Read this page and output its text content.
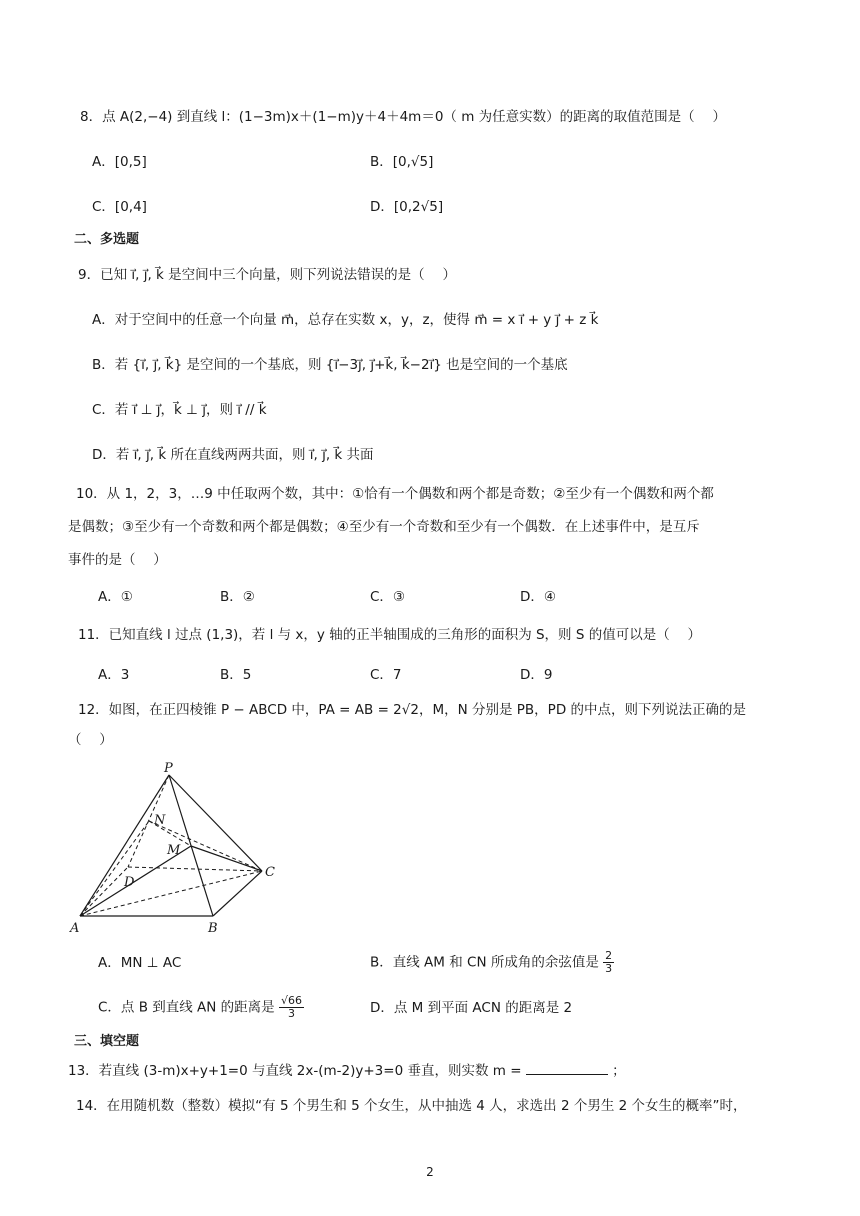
8．点 A(2,−4) 到直线 l：(1−3m)x＋(1−m)y＋4＋4m＝0（ m 为任意实数）的距离的取值范围是（　 ）
A．[0,5]	B．[0,√5]
C．[0,4]	D．[0,2√5]
二、多选题
9．已知 i⃗, j⃗, k⃗ 是空间中三个向量，则下列说法错误的是（　 ）
A．对于空间中的任意一个向量 m⃗，总存在实数 x，y，z，使得 m⃗ = x i⃗ + y j⃗ + z k⃗
B．若 {i⃗, j⃗, k⃗} 是空间的一个基底，则 {i⃗−3j⃗, j⃗+k⃗, k⃗−2i⃗} 也是空间的一个基底
C．若 i⃗ ⊥ j⃗，k⃗ ⊥ j⃗，则 i⃗ // k⃗
D．若 i⃗, j⃗, k⃗ 所在直线两两共面，则 i⃗, j⃗, k⃗ 共面
10．从 1，2，3，…9 中任取两个数，其中：①恰有一个偶数和两个都是奇数；②至少有一个偶数和两个都
是偶数；③至少有一个奇数和两个都是偶数；④至少有一个奇数和至少有一个偶数．在上述事件中，是互斥
事件的是（　 ）
A．①	B．②	C．③	D．④
11．已知直线 l 过点 (1,3)，若 l 与 x，y 轴的正半轴围成的三角形的面积为 S，则 S 的值可以是（　 ）
A．3	B．5	C．7	D．9
12．如图，在正四棱锥 P − ABCD 中，PA = AB = 2√2，M，N 分别是 PB，PD 的中点，则下列说法正确的是
（　 ）
P
N
M
C
D
A	B
A．MN ⊥ AC	B．直线 AM 和 CN 所成角的余弦值是 $\frac{2}{3}$
C．点 B 到直线 AN 的距离是 $\frac{√66}{3}$	D．点 M 到平面 ACN 的距离是 2
三、填空题
13．若直线 (3-m)x+y+1=0 与直线 2x-(m-2)y+3=0 垂直，则实数 m =	；
14．在用随机数（整数）模拟“有 5 个男生和 5 个女生，从中抽选 4 人，求选出 2 个男生 2 个女生的概率”时，
2
